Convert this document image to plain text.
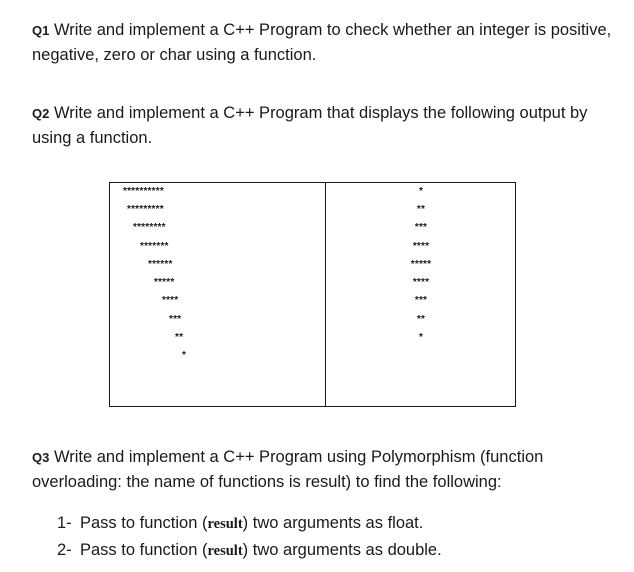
Q1 Write and implement a C++ Program to check whether an integer is positive, negative, zero or char using a function.

Q2 Write and implement a C++ Program that displays the following output by using a function.

**********
*********
********
*******
******
*****
****
***
**
*
*
**
***
****
*****
****
***
**
*

Q3 Write and implement a C++ Program using Polymorphism (function overloading: the name of functions is result) to find the following:

1- Pass to function (result) two arguments as float.
2- Pass to function (result) two arguments as double.
